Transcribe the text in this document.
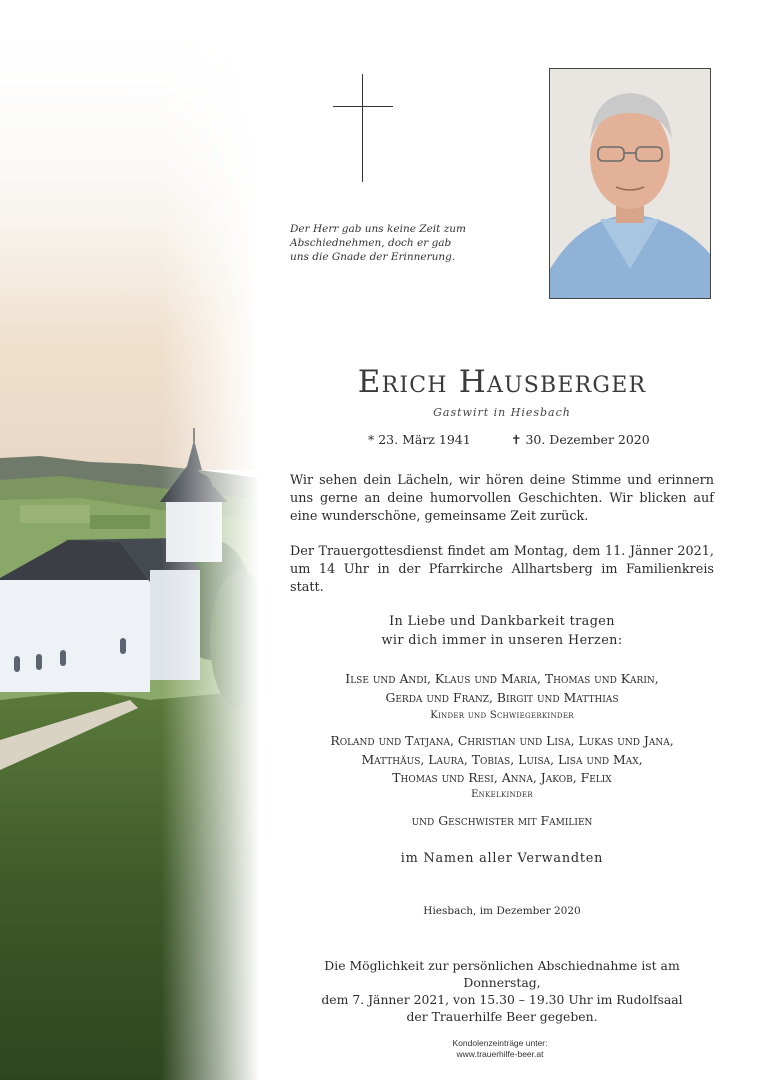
Der Herr gab uns keine Zeit zum Abschiednehmen, doch er gab uns die Gnade der Erinnerung.
Erich Hausberger
Gastwirt in Hiesbach
* 23. März 1941	✝ 30. Dezember 2020
Wir sehen dein Lächeln, wir hören deine Stimme und erinnern uns gerne an deine humorvollen Geschichten. Wir blicken auf eine wunderschöne, gemeinsame Zeit zurück.
Der Trauergottesdienst findet am Montag, dem 11. Jänner 2021, um 14 Uhr in der Pfarrkirche Allhartsberg im Familienkreis statt.
In Liebe und Dankbarkeit tragen
wir dich immer in unseren Herzen:
Ilse und Andi, Klaus und Maria, Thomas und Karin,
Gerda und Franz, Birgit und Matthias
Kinder und Schwiegerkinder
Roland und Tatjana, Christian und Lisa, Lukas und Jana,
Matthäus, Laura, Tobias, Luisa, Lisa und Max,
Thomas und Resi, Anna, Jakob, Felix
Enkelkinder
und Geschwister mit Familien
im Namen aller Verwandten
Hiesbach, im Dezember 2020
Die Möglichkeit zur persönlichen Abschiednahme ist am Donnerstag,
dem 7. Jänner 2021, von 15.30 – 19.30 Uhr im Rudolfsaal
der Trauerhilfe Beer gegeben.
Kondolenzeinträge unter:
www.trauerhilfe-beer.at
